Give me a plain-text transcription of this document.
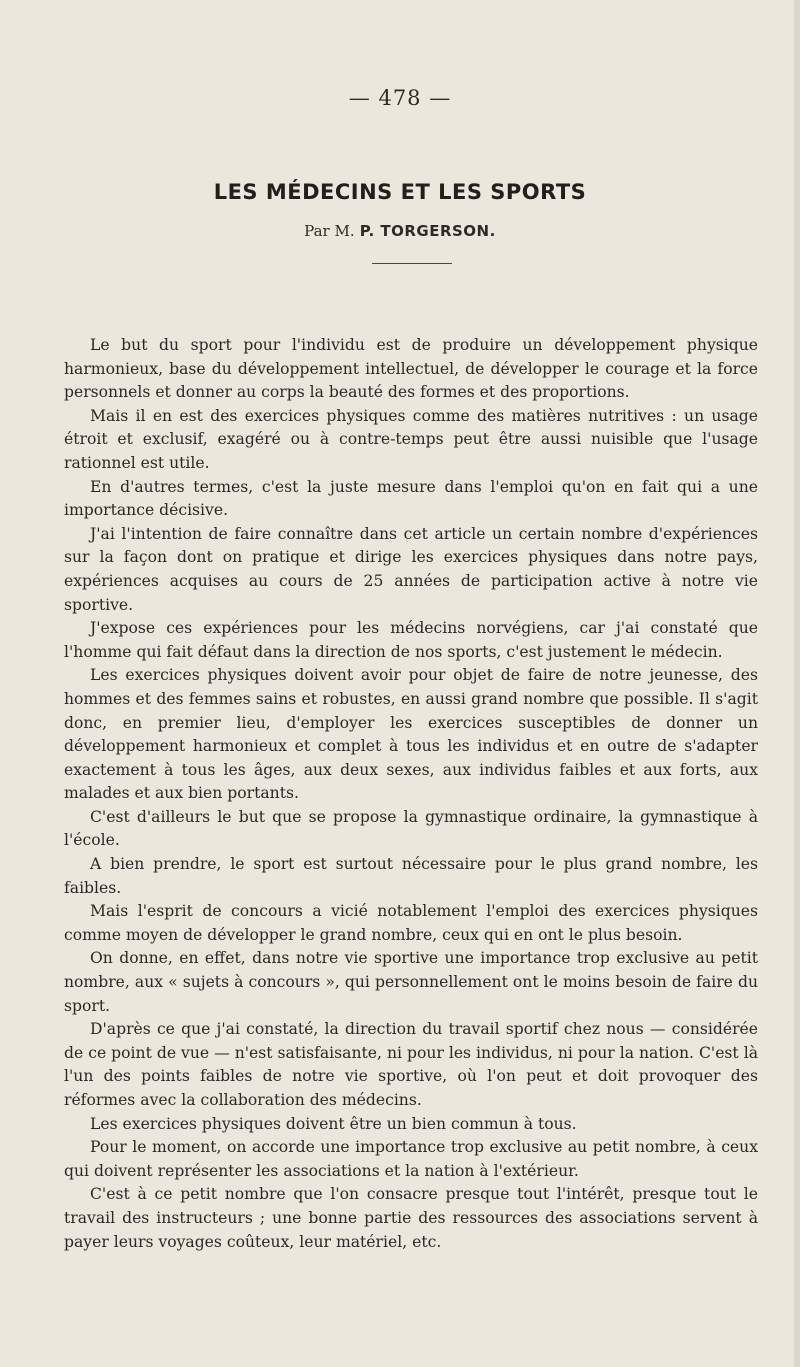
— 478 —
LES MÉDECINS ET LES SPORTS
Par M. P. TORGERSON.

Le but du sport pour l'individu est de produire un développement physique harmonieux, base du développement intellectuel, de développer le courage et la force personnels et donner au corps la beauté des formes et des proportions.

Mais il en est des exercices physiques comme des matières nutritives : un usage étroit et exclusif, exagéré ou à contre-temps peut être aussi nuisible que l'usage rationnel est utile.

En d'autres termes, c'est la juste mesure dans l'emploi qu'on en fait qui a une importance décisive.

J'ai l'intention de faire connaître dans cet article un certain nombre d'expériences sur la façon dont on pratique et dirige les exercices physiques dans notre pays, expériences acquises au cours de 25 années de participation active à notre vie sportive.

J'expose ces expériences pour les médecins norvégiens, car j'ai constaté que l'homme qui fait défaut dans la direction de nos sports, c'est justement le médecin.

Les exercices physiques doivent avoir pour objet de faire de notre jeunesse, des hommes et des femmes sains et robustes, en aussi grand nombre que possible. Il s'agit donc, en premier lieu, d'employer les exercices susceptibles de donner un développement harmonieux et complet à tous les individus et en outre de s'adapter exactement à tous les âges, aux deux sexes, aux individus faibles et aux forts, aux malades et aux bien portants.

C'est d'ailleurs le but que se propose la gymnastique ordinaire, la gymnastique à l'école.

A bien prendre, le sport est surtout nécessaire pour le plus grand nombre, les faibles.

Mais l'esprit de concours a vicié notablement l'emploi des exercices physiques comme moyen de développer le grand nombre, ceux qui en ont le plus besoin.

On donne, en effet, dans notre vie sportive une importance trop exclusive au petit nombre, aux « sujets à concours », qui personnellement ont le moins besoin de faire du sport.

D'après ce que j'ai constaté, la direction du travail sportif chez nous — considérée de ce point de vue — n'est satisfaisante, ni pour les individus, ni pour la nation. C'est là l'un des points faibles de notre vie sportive, où l'on peut et doit provoquer des réformes avec la collaboration des médecins.

Les exercices physiques doivent être un bien commun à tous.

Pour le moment, on accorde une importance trop exclusive au petit nombre, à ceux qui doivent représenter les associations et la nation à l'extérieur.

C'est à ce petit nombre que l'on consacre presque tout l'intérêt, presque tout le travail des instructeurs ; une bonne partie des ressources des associations servent à payer leurs voyages coûteux, leur matériel, etc.
